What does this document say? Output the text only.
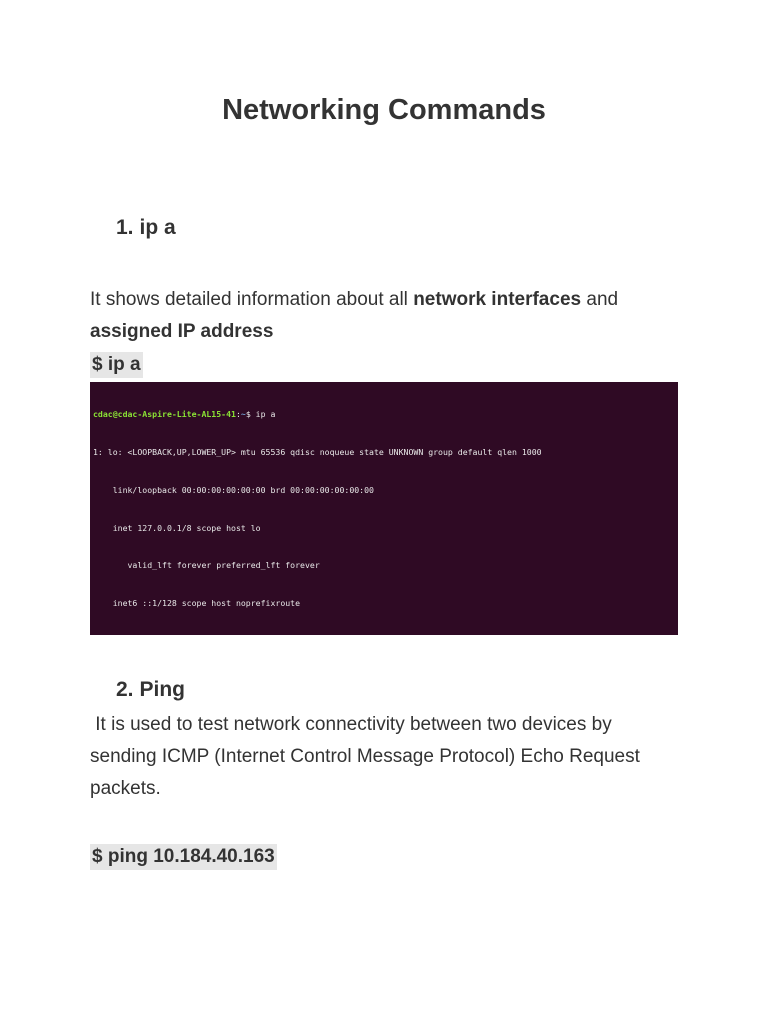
Networking Commands
1. ip a
It shows detailed information about all network interfaces and
assigned IP address
$ ip a

cdac@cdac-Aspire-Lite-AL15-41:~$ ip a

1: lo: <LOOPBACK,UP,LOWER_UP> mtu 65536 qdisc noqueue state UNKNOWN group default qlen 1000

link/loopback 00:00:00:00:00:00 brd 00:00:00:00:00:00

inet 127.0.0.1/8 scope host lo

valid_lft forever preferred_lft forever

inet6 ::1/128 scope host noprefixroute

2. Ping
It is used to test network connectivity between two devices by
sending ICMP (Internet Control Message Protocol) Echo Request
packets.
$ ping 10.184.40.163
